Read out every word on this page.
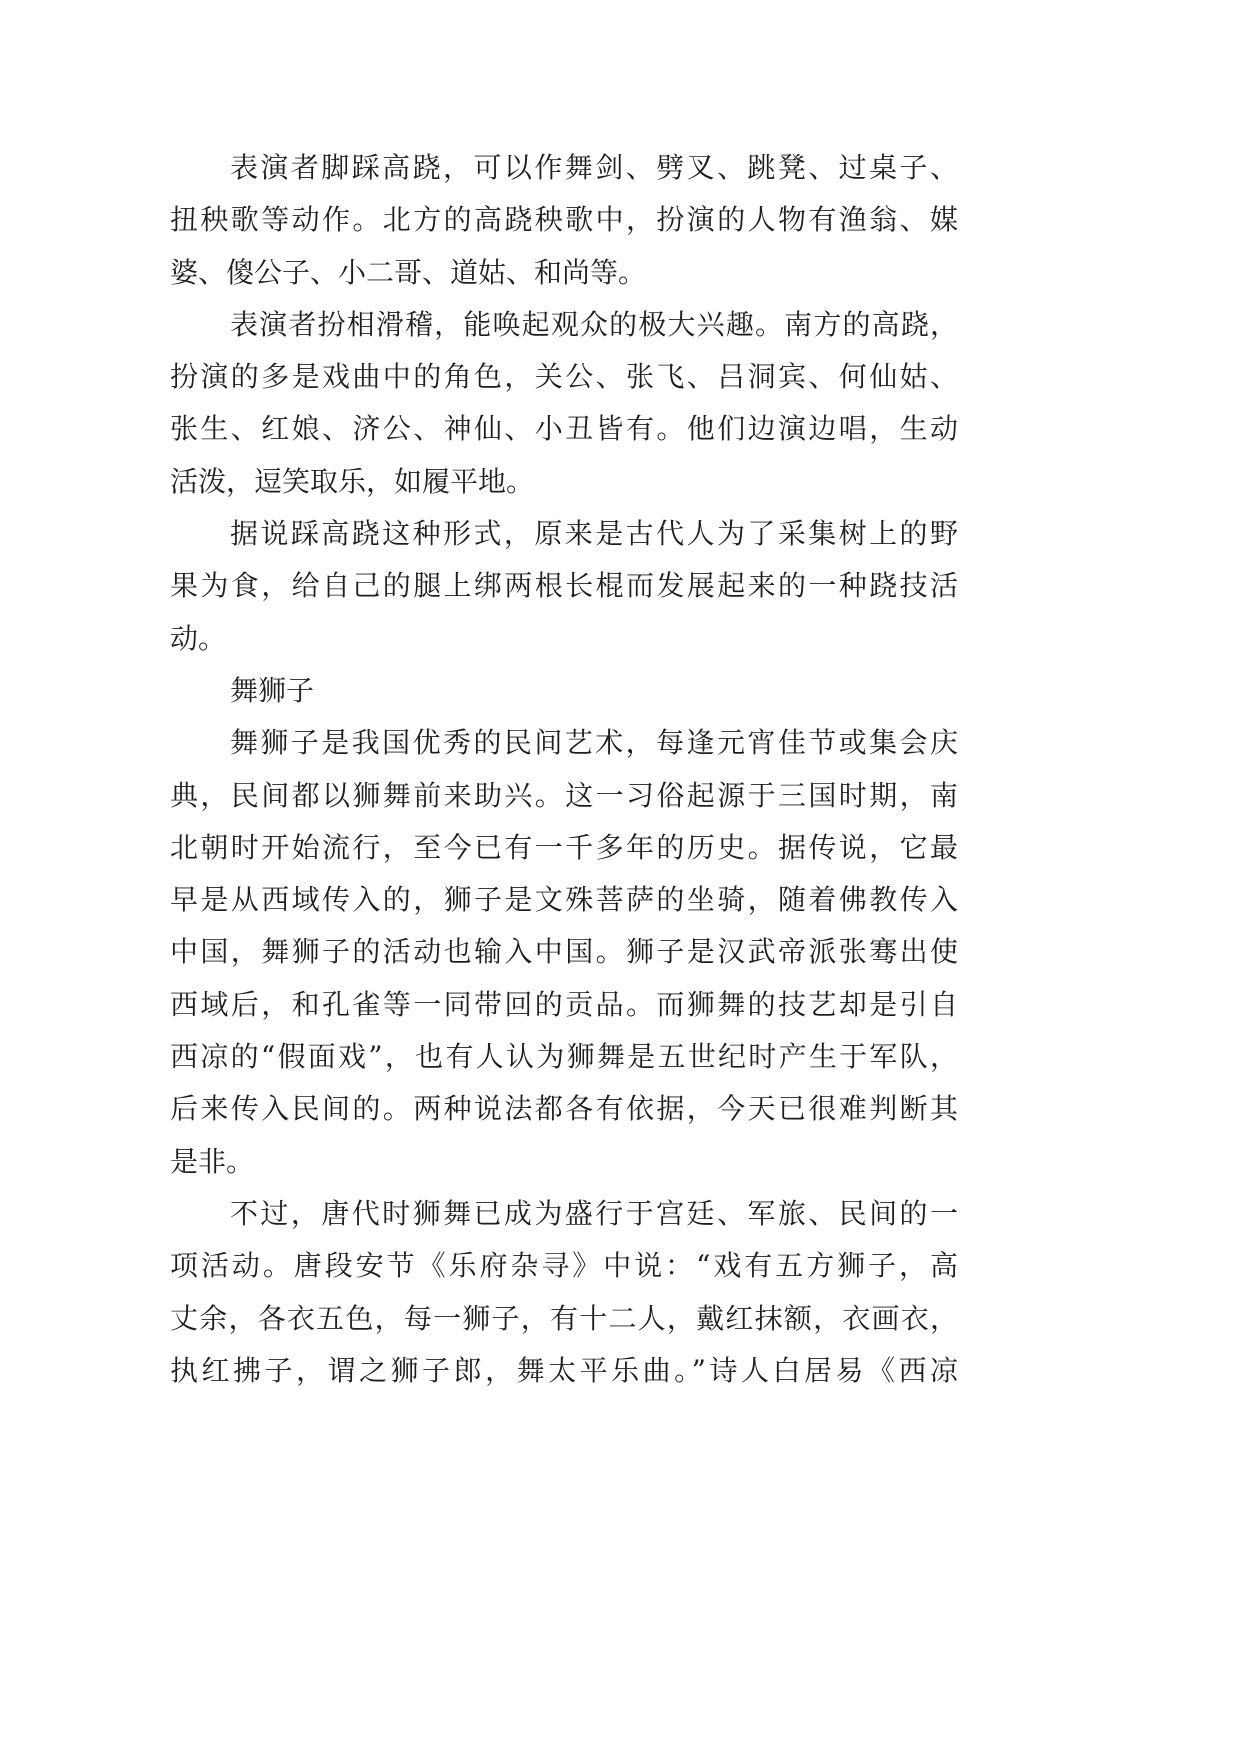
表演者脚踩高跷，可以作舞剑、劈叉、跳凳、过桌子、
扭秧歌等动作。北方的高跷秧歌中，扮演的人物有渔翁、媒
婆、傻公子、小二哥、道姑、和尚等。
表演者扮相滑稽，能唤起观众的极大兴趣。南方的高跷，
扮演的多是戏曲中的角色，关公、张飞、吕洞宾、何仙姑、
张生、红娘、济公、神仙、小丑皆有。他们边演边唱，生动
活泼，逗笑取乐，如履平地。
据说踩高跷这种形式，原来是古代人为了采集树上的野
果为食，给自己的腿上绑两根长棍而发展起来的一种跷技活
动。
舞狮子
舞狮子是我国优秀的民间艺术，每逢元宵佳节或集会庆
典，民间都以狮舞前来助兴。这一习俗起源于三国时期，南
北朝时开始流行，至今已有一千多年的历史。据传说，它最
早是从西域传入的，狮子是文殊菩萨的坐骑，随着佛教传入
中国，舞狮子的活动也输入中国。狮子是汉武帝派张骞出使
西域后，和孔雀等一同带回的贡品。而狮舞的技艺却是引自
西凉的“假面戏”，也有人认为狮舞是五世纪时产生于军队，
后来传入民间的。两种说法都各有依据，今天已很难判断其
是非。
不过，唐代时狮舞已成为盛行于宫廷、军旅、民间的一
项活动。唐段安节《乐府杂寻》中说：“戏有五方狮子，高
丈余，各衣五色，每一狮子，有十二人，戴红抹额，衣画衣，
执红拂子，谓之狮子郎，舞太平乐曲。”诗人白居易《西凉
